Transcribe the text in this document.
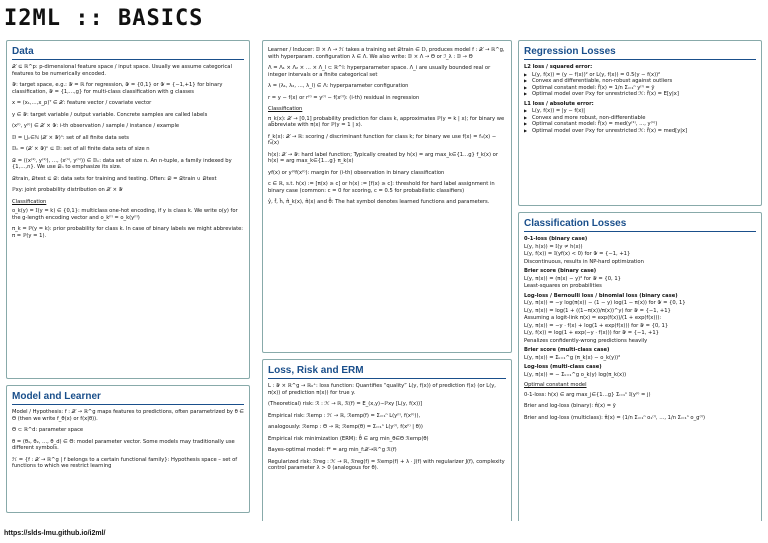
I2ML :: BASICS
Data
𝒳 ⊆ ℝ^p: p-dimensional feature space / input space. Usually we assume categorical features to be numerically encoded.
𝒴: target space, e.g.: 𝒴 = ℝ for regression, 𝒴 = {0,1} or 𝒴 = {−1,+1} for binary classification, 𝒴 = {1,…,g} for multi-class classification with g classes
x = (x₁,…,x_p)ᵀ ∈ 𝒳: feature vector / covariate vector
y ∈ 𝒴: target variable / output variable. Concrete samples are called labels
(x⁽ⁱ⁾, y⁽ⁱ⁾) ∈ 𝒳 × 𝒴: i-th observation / sample / instance / example
𝔻 = ⋃ₙ∈ℕ (𝒳 × 𝒴)ⁿ: set of all finite data sets
𝔻ₙ = (𝒳 × 𝒴)ⁿ ⊆ 𝔻: set of all finite data sets of size n
𝒟 = ((x⁽¹⁾, y⁽¹⁾), …, (x⁽ⁿ⁾, y⁽ⁿ⁾)) ∈ 𝔻ₙ: data set of size n. An n-tuple, a family indexed by {1,…,n}. We use 𝒟ₙ to emphasize its size.
𝒟train, 𝒟test ⊆ 𝒟: data sets for training and testing. Often: 𝒟 = 𝒟train ∪ 𝒟test
ℙxy: joint probability distribution on 𝒳 × 𝒴
Classification
o_k(y) = 𝕀(y = k) ∈ {0,1}: multiclass one-hot encoding, if y is class k. We write o(y) for the g-length encoding vector and o_k⁽ⁱ⁾ = o_k(y⁽ⁱ⁾)
π_k = ℙ(y = k): prior probability for class k. In case of binary labels we might abbreviate: π = ℙ(y = 1).
Model and Learner
Model / Hypothesis: f : 𝒳 → ℝ^g maps features to predictions, often parametrized by θ ∈ Θ (then we write f_θ(x) or f(x|θ)).
Θ ⊂ ℝ^d: parameter space
θ = (θ₁, θ₂, …, θ_d) ∈ Θ: model parameter vector. Some models may traditionally use different symbols.
ℋ = {f : 𝒳 → ℝ^g | f belongs to a certain functional family}: Hypothesis space – set of functions to which we restrict learning
Learner / Inducer: 𝔻 × Λ → ℋ takes a training set 𝒟train ∈ 𝔻, produces model f : 𝒳 → ℝ^g, with hyperparam. configuration λ ∈ Λ. We also write: 𝔻 × Λ → Θ or ℐ_λ : 𝔻 → Θ
Λ = Λ₁ × Λ₂ × … × Λ_l ⊂ ℝ^l: hyperparameter space. Λ_i are usually bounded real or integer intervals or a finite categorical set
λ = (λ₁, λ₂, …, λ_l) ∈ Λ: hyperparameter configuration
r = y − f(x) or r⁽ⁱ⁾ = y⁽ⁱ⁾ − f(x⁽ⁱ⁾): (i-th) residual in regression
Classification
π_k(x): 𝒳 → [0,1] probability prediction for class k, approximates ℙ(y = k | x); for binary we abbreviate with π(x) for ℙ(y = 1 | x).
f_k(x): 𝒳 → ℝ: scoring / discriminant function for class k; for binary we use f(x) = f₁(x) − f₀(x)
h(x): 𝒳 → 𝒴: hard label function; Typically created by h(x) = arg max_k∈{1…g} f_k(x) or h(x) = arg max_k∈{1…g} π_k(x)
yf(x) or y⁽ⁱ⁾f(x⁽ⁱ⁾): margin for (i-th) observation in binary classification
c ∈ ℝ, s.t. h(x) := [π(x) ≥ c] or h(x) := [f(x) ≥ c]: threshold for hard label assignment in binary case (common: c = 0 for scoring, c = 0.5 for probabilistic classifiers)
ŷ, f̂, ĥ, π̂_k(x), π̂(x) and θ̂: The hat symbol denotes learned functions and parameters.
Loss, Risk and ERM
L : 𝒴 × ℝ^g → ℝ₀⁺: loss function: Quantifies “quality” L(y, f(x)) of prediction f(x) (or L(y, π(x)) of prediction π(x)) for true y.
(Theoretical) risk: ℛ : ℋ → ℝ, ℛ(f) = E_(x,y)∼ℙxy [L(y, f(x))]
Empirical risk: ℛemp : ℋ → ℝ, ℛemp(f) = Σᵢ₌₁ⁿ L(y⁽ⁱ⁾, f(x⁽ⁱ⁾)),
analogously: ℛemp : Θ → ℝ; ℛemp(θ) = Σᵢ₌₁ⁿ L(y⁽ⁱ⁾, f(x⁽ⁱ⁾ | θ))
Empirical risk minimization (ERM): θ̂ ∈ arg min_θ∈Θ ℛemp(θ)
Bayes-optimal model: f* = arg min_f:𝒳→ℝ^g ℛ(f)
Regularized risk: ℛreg : ℋ → ℝ, ℛreg(f) = ℛemp(f) + λ · J(f) with regularizer J(f), complexity control parameter λ > 0 (analogous for θ).
Regression Losses
L2 loss / squared error:
▶ L(y, f(x)) = (y − f(x))² or L(y, f(x)) = 0.5(y − f(x))²
▶ Convex and differentiable, non-robust against outliers
▶ Optimal constant model: f̂(x) = 1/n Σᵢ₌₁ⁿ y⁽ⁱ⁾ = ȳ
▶ Optimal model over ℙxy for unrestricted ℋ: f̂(x) = E[y|x]
L1 loss / absolute error:
▶ L(y, f(x)) = |y − f(x)|
▶ Convex and more robust, non-differentiable
▶ Optimal constant model: f̂(x) = med(y⁽¹⁾, …, y⁽ⁿ⁾)
▶ Optimal model over ℙxy for unrestricted ℋ: f̂(x) = med[y|x]
Classification Losses
0-1-loss (binary case)
L(y, h(x)) = 𝕀(y ≠ h(x))
L(y, f(x)) = 𝕀(yf(x) < 0) for 𝒴 = {−1, +1}
Discontinuous, results in NP-hard optimization
Brier score (binary case)
L(y, π(x)) = (π(x) − y)² for 𝒴 = {0, 1}
Least-squares on probabilities
Log-loss / Bernoulli loss / binomial loss (binary case)
L(y, π(x)) = −y log(π(x)) − (1 − y) log(1 − π(x)) for 𝒴 = {0, 1}
L(y, π(x)) = log(1 + ((1−π(x))/π(x))^y) for 𝒴 = {−1, +1}
Assuming a logit-link π(x) = exp(f(x))/(1 + exp(f(x))):
L(y, π(x)) = −y · f(x) + log(1 + exp(f(x))) for 𝒴 = {0, 1}
L(y, f(x)) = log(1 + exp(−y · f(x))) for 𝒴 = {−1, +1}
Penalizes confidently-wrong predictions heavily
Brier score (multi-class case)
L(y, π(x)) = Σₖ₌₁^g (π_k(x) − o_k(y))²
Log-loss (multi-class case)
L(y, π(x)) = − Σₖ₌₁^g o_k(y) log(π_k(x))
Optimal constant model
0-1-loss: h(x) ∈ arg max_j∈{1…g} Σᵢ₌₁ⁿ 𝕀(y⁽ⁱ⁾ = j)
Brier and log-loss (binary): π̂(x) = ȳ
Brier and log-loss (multiclass): π̂(x) = (1/n Σᵢ₌₁ⁿ o₁⁽ⁱ⁾, …, 1/n Σᵢ₌₁ⁿ o_g⁽ⁱ⁾)
https://slds-lmu.github.io/i2ml/
